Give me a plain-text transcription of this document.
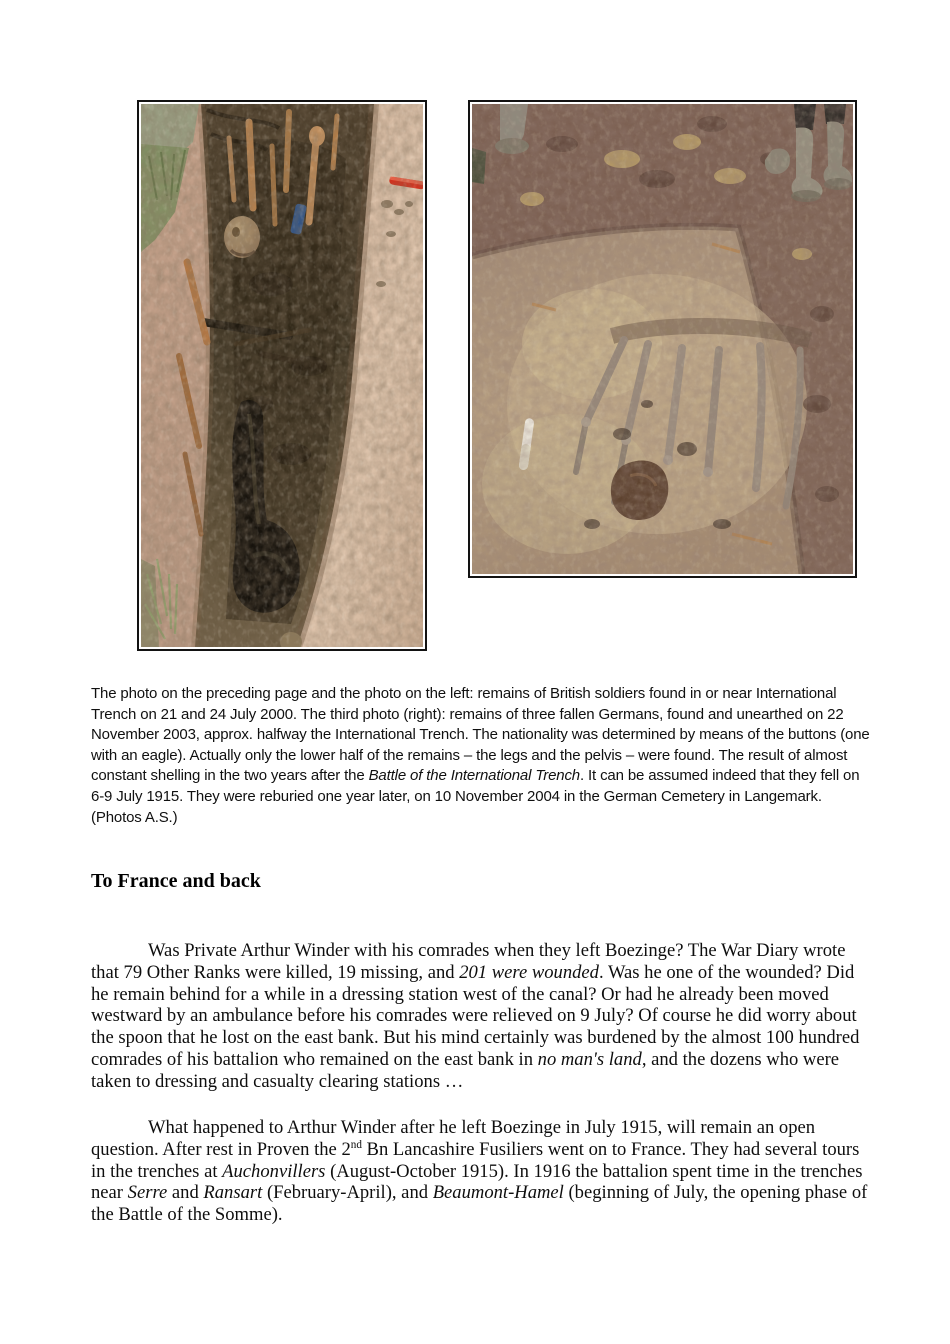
The photo on the preceding page and the photo on the left: remains of British soldiers found in or near International Trench on 21 and 24 July 2000. The third photo (right): remains of three fallen Germans, found and unearthed on 22 November 2003, approx. halfway the International Trench. The nationality was determined by means of the buttons (one with an eagle). Actually only the lower half of the remains – the legs and the pelvis – were found. The result of almost constant shelling in the two years after the Battle of the International Trench. It can be assumed indeed that they fell on 6-9 July 1915. They were reburied one year later, on 10 November 2004 in the German Cemetery in Langemark. (Photos A.S.)

To France and back

Was Private Arthur Winder with his comrades when they left Boezinge? The War Diary wrote that 79 Other Ranks were killed, 19 missing, and 201 were wounded. Was he one of the wounded? Did he remain behind for a while in a dressing station west of the canal? Or had he already been moved westward by an ambulance before his comrades were relieved on 9 July? Of course he did worry about the spoon that he lost on the east bank. But his mind certainly was burdened by the almost 100 hundred comrades of his battalion who remained on the east bank in no man's land, and the dozens who were taken to dressing and casualty clearing stations …

What happened to Arthur Winder after he left Boezinge in July 1915, will remain an open question. After rest in Proven the 2nd Bn Lancashire Fusiliers went on to France. They had several tours in the trenches at Auchonvillers (August-October 1915). In 1916 the battalion spent time in the trenches near Serre and Ransart (February-April), and Beaumont-Hamel (beginning of July, the opening phase of the Battle of the Somme).
